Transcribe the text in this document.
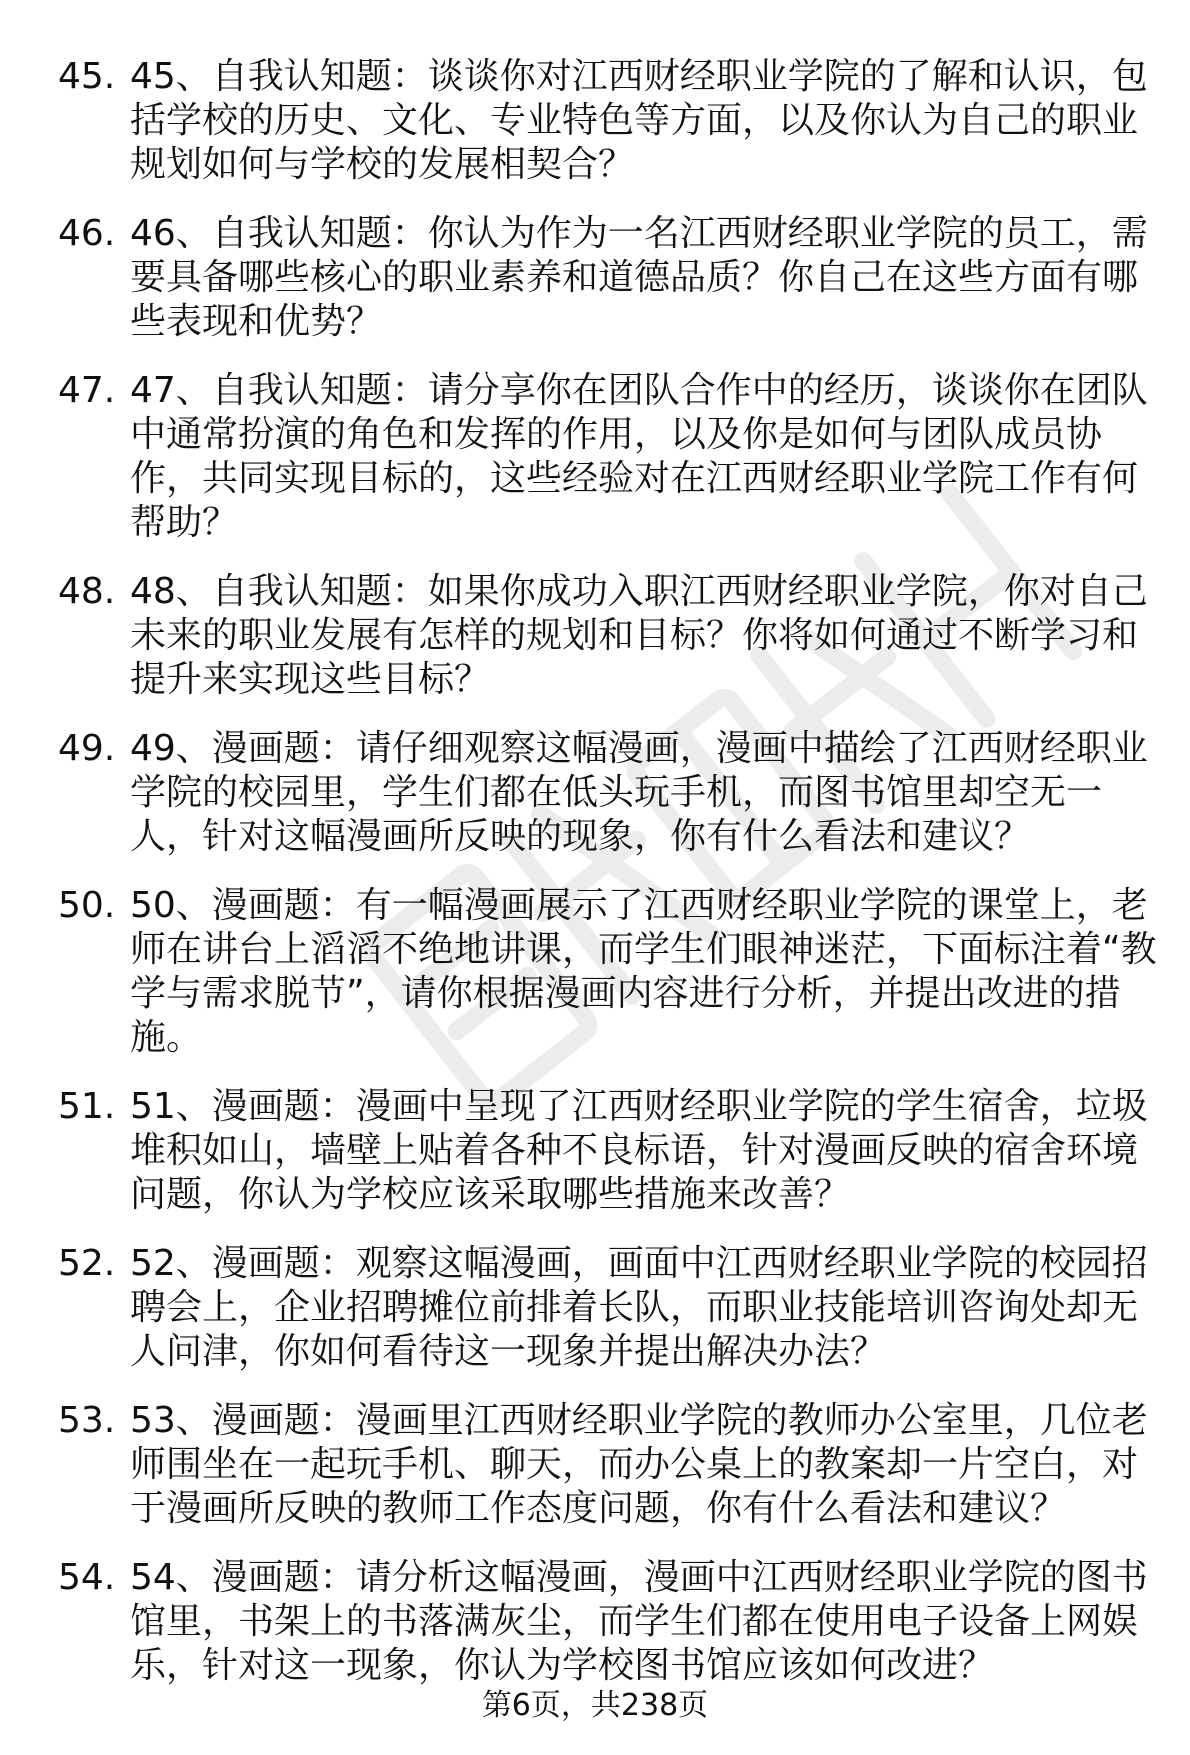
45. 45、自我认知题：谈谈你对江西财经职业学院的了解和认识，包括学校的历史、文化、专业特色等方面，以及你认为自己的职业规划如何与学校的发展相契合？
46. 46、自我认知题：你认为作为一名江西财经职业学院的员工，需要具备哪些核心的职业素养和道德品质？你自己在这些方面有哪些表现和优势？
47. 47、自我认知题：请分享你在团队合作中的经历，谈谈你在团队中通常扮演的角色和发挥的作用，以及你是如何与团队成员协作，共同实现目标的，这些经验对在江西财经职业学院工作有何帮助？
48. 48、自我认知题：如果你成功入职江西财经职业学院，你对自己未来的职业发展有怎样的规划和目标？你将如何通过不断学习和提升来实现这些目标？
49. 49、漫画题：请仔细观察这幅漫画，漫画中描绘了江西财经职业学院的校园里，学生们都在低头玩手机，而图书馆里却空无一人，针对这幅漫画所反映的现象，你有什么看法和建议？
50. 50、漫画题：有一幅漫画展示了江西财经职业学院的课堂上，老师在讲台上滔滔不绝地讲课，而学生们眼神迷茫，下面标注着“教学与需求脱节”，请你根据漫画内容进行分析，并提出改进的措施。
51. 51、漫画题：漫画中呈现了江西财经职业学院的学生宿舍，垃圾堆积如山，墙壁上贴着各种不良标语，针对漫画反映的宿舍环境问题，你认为学校应该采取哪些措施来改善？
52. 52、漫画题：观察这幅漫画，画面中江西财经职业学院的校园招聘会上，企业招聘摊位前排着长队，而职业技能培训咨询处却无人问津，你如何看待这一现象并提出解决办法？
53. 53、漫画题：漫画里江西财经职业学院的教师办公室里，几位老师围坐在一起玩手机、聊天，而办公桌上的教案却一片空白，对于漫画所反映的教师工作态度问题，你有什么看法和建议？
54. 54、漫画题：请分析这幅漫画，漫画中江西财经职业学院的图书馆里，书架上的书落满灰尘，而学生们都在使用电子设备上网娱乐，针对这一现象，你认为学校图书馆应该如何改进？
第6页，共238页
